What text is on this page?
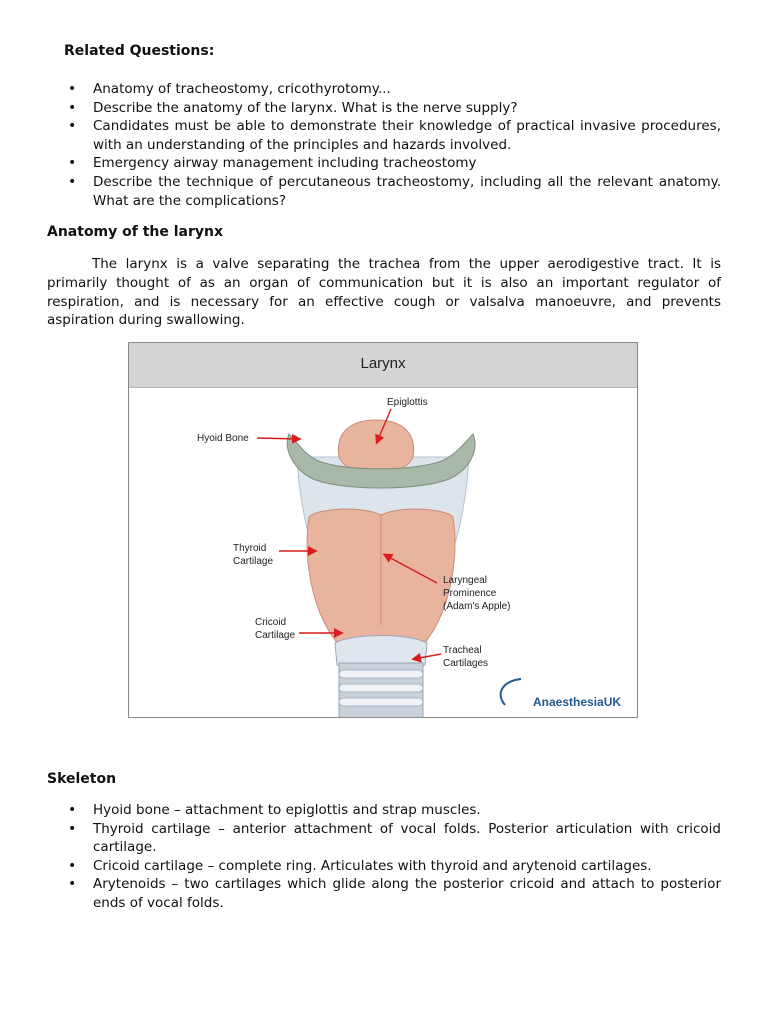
Related Questions:
• Anatomy of tracheostomy, cricothyrotomy...
• Describe the anatomy of the larynx. What is the nerve supply?
• Candidates must be able to demonstrate their knowledge of practical invasive procedures, with an understanding of the principles and hazards involved.
• Emergency airway management including tracheostomy
• Describe the technique of percutaneous tracheostomy, including all the relevant anatomy. What are the complications?
Anatomy of the larynx

The larynx is a valve separating the trachea from the upper aerodigestive tract. It is primarily thought of as an organ of communication but it is also an important regulator of respiration, and is necessary for an effective cough or valsalva manoeuvre, and prevents aspiration during swallowing.

Larynx
Epiglottis
Hyoid Bone
Thyroid
Cartilage
Laryngeal
Prominence
(Adam's Apple)
Cricoid
Cartilage
Tracheal
Cartilages
AnaesthesiaUK
Skeleton
• Hyoid bone – attachment to epiglottis and strap muscles.
• Thyroid cartilage – anterior attachment of vocal folds. Posterior articulation with cricoid cartilage.
• Cricoid cartilage – complete ring. Articulates with thyroid and arytenoid cartilages.
• Arytenoids – two cartilages which glide along the posterior cricoid and attach to posterior ends of vocal folds.
